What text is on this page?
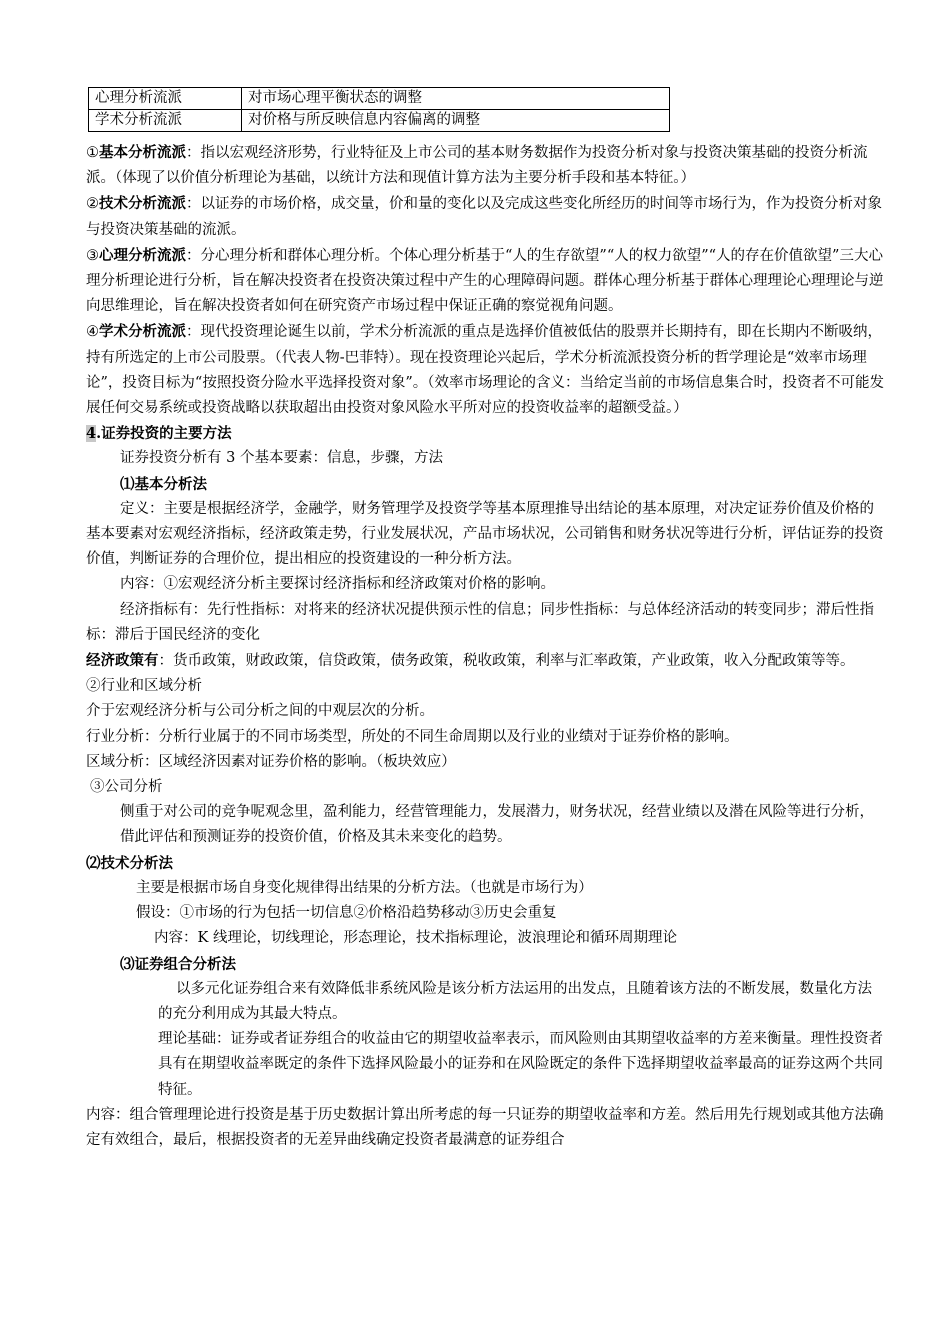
心理分析流派	对市场心理平衡状态的调整
学术分析流派	对价格与所反映信息内容偏离的调整

①基本分析流派：指以宏观经济形势，行业特征及上市公司的基本财务数据作为投资分析对象与投资决策基础的投资分析流派。（体现了以价值分析理论为基础，以统计方法和现值计算方法为主要分析手段和基本特征。）

②技术分析流派：以证券的市场价格，成交量，价和量的变化以及完成这些变化所经历的时间等市场行为，作为投资分析对象与投资决策基础的流派。

③心理分析流派：分心理分析和群体心理分析。个体心理分析基于“人的生存欲望”“人的权力欲望”“人的存在价值欲望”三大心理分析理论进行分析，旨在解决投资者在投资决策过程中产生的心理障碍问题。群体心理分析基于群体心理理论心理理论与逆向思维理论，旨在解决投资者如何在研究资产市场过程中保证正确的察觉视角问题。

④学术分析流派：现代投资理论诞生以前，学术分析流派的重点是选择价值被低估的股票并长期持有，即在长期内不断吸纳，持有所选定的上市公司股票。（代表人物-巴菲特）。现在投资理论兴起后，学术分析流派投资分析的哲学理论是“效率市场理论”，投资目标为“按照投资分险水平选择投资对象”。（效率市场理论的含义：当给定当前的市场信息集合时，投资者不可能发展任何交易系统或投资战略以获取超出由投资对象风险水平所对应的投资收益率的超额受益。）

4.证券投资的主要方法

证券投资分析有 3 个基本要素：信息，步骤，方法

⑴基本分析法

定义：主要是根据经济学，金融学，财务管理学及投资学等基本原理推导出结论的基本原理，对决定证券价值及价格的基本要素对宏观经济指标，经济政策走势，行业发展状况，产品市场状况，公司销售和财务状况等进行分析，评估证券的投资价值，判断证券的合理价位，提出相应的投资建设的一种分析方法。

内容：①宏观经济分析主要探讨经济指标和经济政策对价格的影响。

经济指标有：先行性指标：对将来的经济状况提供预示性的信息；同步性指标：与总体经济活动的转变同步；滞后性指标：滞后于国民经济的变化

经济政策有：货币政策，财政政策，信贷政策，债务政策，税收政策，利率与汇率政策，产业政策，收入分配政策等等。

②行业和区域分析

介于宏观经济分析与公司分析之间的中观层次的分析。

行业分析：分析行业属于的不同市场类型，所处的不同生命周期以及行业的业绩对于证券价格的影响。

区域分析：区域经济因素对证券价格的影响。（板块效应）

③公司分析

侧重于对公司的竞争呢观念里，盈利能力，经营管理能力，发展潜力，财务状况，经营业绩以及潜在风险等进行分析，借此评估和预测证券的投资价值，价格及其未来变化的趋势。

⑵技术分析法

主要是根据市场自身变化规律得出结果的分析方法。（也就是市场行为）

假设：①市场的行为包括一切信息②价格沿趋势移动③历史会重复

内容：K 线理论，切线理论，形态理论，技术指标理论，波浪理论和循环周期理论

⑶证券组合分析法

以多元化证券组合来有效降低非系统风险是该分析方法运用的出发点，且随着该方法的不断发展，数量化方法的充分利用成为其最大特点。

理论基础：证券或者证券组合的收益由它的期望收益率表示，而风险则由其期望收益率的方差来衡量。理性投资者具有在期望收益率既定的条件下选择风险最小的证券和在风险既定的条件下选择期望收益率最高的证券这两个共同特征。

内容：组合管理理论进行投资是基于历史数据计算出所考虑的每一只证券的期望收益率和方差。然后用先行规划或其他方法确定有效组合，最后，根据投资者的无差异曲线确定投资者最满意的证券组合
